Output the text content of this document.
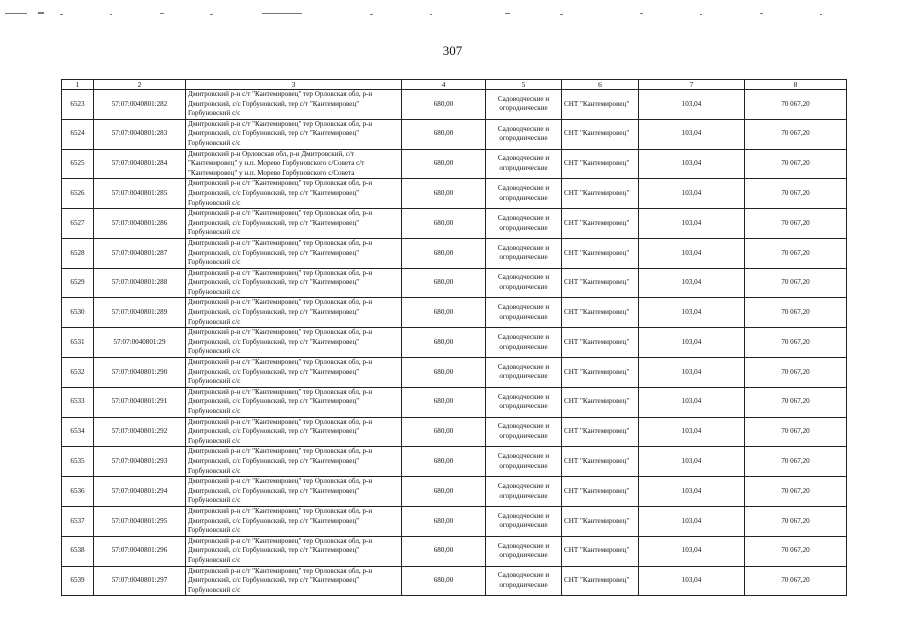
307
1	2	3	4	5	6	7	8
6523	57:07:0040801:282	Дмитровский р-н с/т "Кантемировец" тер Орловская обл, р-н Дмитровский, с/с Горбуновский, тер с/т "Кантемировец" Горбуновский с/с	680,00	Садоводческие и огороднические	СНТ "Кантемировец"	103,04	70 067,20
6524	57:07:0040801:283	Дмитровский р-н с/т "Кантемировец" тер Орловская обл, р-н Дмитровский, с/с Горбуновский, тер с/т "Кантемировец" Горбуновский с/с	680,00	Садоводческие и огороднические	СНТ "Кантемировец"	103,04	70 067,20
6525	57:07:0040801:284	Дмитровский р-н Орловская обл, р-н Дмитровский, с/т "Кантемировец" у н.п. Морево Горбуновского с/Совета с/т "Кантемировец" у н.п. Морево Горбуновского с/Совета	680,00	Садоводческие и огороднические	СНТ "Кантемировец"	103,04	70 067,20
6526	57:07:0040801:285	Дмитровский р-н с/т "Кантемировец" тер Орловская обл, р-н Дмитровский, с/с Горбуновский, тер с/т "Кантемировец" Горбуновский с/с	680,00	Садоводческие и огороднические	СНТ "Кантемировец"	103,04	70 067,20
6527	57:07:0040801:286	Дмитровский р-н с/т "Кантемировец" тер Орловская обл, р-н Дмитровский, с/с Горбуновский, тер с/т "Кантемировец" Горбуновский с/с	680,00	Садоводческие и огороднические	СНТ "Кантемировец"	103,04	70 067,20
6528	57:07:0040801:287	Дмитровский р-н с/т "Кантемировец" тер Орловская обл, р-н Дмитровский, с/с Горбуновский, тер с/т "Кантемировец" Горбуновский с/с	680,00	Садоводческие и огороднические	СНТ "Кантемировец"	103,04	70 067,20
6529	57:07:0040801:288	Дмитровский р-н с/т "Кантемировец" тер Орловская обл, р-н Дмитровский, с/с Горбуновский, тер с/т "Кантемировец" Горбуновский с/с	680,00	Садоводческие и огороднические	СНТ "Кантемировец"	103,04	70 067,20
6530	57:07:0040801:289	Дмитровский р-н с/т "Кантемировец" тер Орловская обл, р-н Дмитровский, с/с Горбуновский, тер с/т "Кантемировец" Горбуновский с/с	680,00	Садоводческие и огороднические	СНТ "Кантемировец"	103,04	70 067,20
6531	57:07:0040801:29	Дмитровский р-н с/т "Кантемировец" тер Орловская обл, р-н Дмитровский, с/с Горбуновский, тер с/т "Кантемировец" Горбуновский с/с	680,00	Садоводческие и огороднические	СНТ "Кантемировец"	103,04	70 067,20
6532	57:07:0040801:290	Дмитровский р-н с/т "Кантемировец" тер Орловская обл, р-н Дмитровский, с/с Горбуновский, тер с/т "Кантемировец" Горбуновский с/с	680,00	Садоводческие и огороднические	СНТ "Кантемировец"	103,04	70 067,20
6533	57:07:0040801:291	Дмитровский р-н с/т "Кантемировец" тер Орловская обл, р-н Дмитровский, с/с Горбуновский, тер с/т "Кантемировец" Горбуновский с/с	680,00	Садоводческие и огороднические	СНТ "Кантемировец"	103,04	70 067,20
6534	57:07:0040801:292	Дмитровский р-н с/т "Кантемировец" тер Орловская обл, р-н Дмитровский, с/с Горбуновский, тер с/т "Кантемировец" Горбуновский с/с	680,00	Садоводческие и огороднические	СНТ "Кантемировец"	103,04	70 067,20
6535	57:07:0040801:293	Дмитровский р-н с/т "Кантемировец" тер Орловская обл, р-н Дмитровский, с/с Горбуновский, тер с/т "Кантемировец" Горбуновский с/с	680,00	Садоводческие и огороднические	СНТ "Кантемировец"	103,04	70 067,20
6536	57:07:0040801:294	Дмитровский р-н с/т "Кантемировец" тер Орловская обл, р-н Дмитровский, с/с Горбуновский, тер с/т "Кантемировец" Горбуновский с/с	680,00	Садоводческие и огороднические	СНТ "Кантемировец"	103,04	70 067,20
6537	57:07:0040801:295	Дмитровский р-н с/т "Кантемировец" тер Орловская обл, р-н Дмитровский, с/с Горбуновский, тер с/т "Кантемировец" Горбуновский с/с	680,00	Садоводческие и огороднические	СНТ "Кантемировец"	103,04	70 067,20
6538	57:07:0040801:296	Дмитровский р-н с/т "Кантемировец" тер Орловская обл, р-н Дмитровский, с/с Горбуновский, тер с/т "Кантемировец" Горбуновский с/с	680,00	Садоводческие и огороднические	СНТ "Кантемировец"	103,04	70 067,20
6539	57:07:0040801:297	Дмитровский р-н с/т "Кантемировец" тер Орловская обл, р-н Дмитровский, с/с Горбуновский, тер с/т "Кантемировец" Горбуновский с/с	680,00	Садоводческие и огороднические	СНТ "Кантемировец"	103,04	70 067,20
